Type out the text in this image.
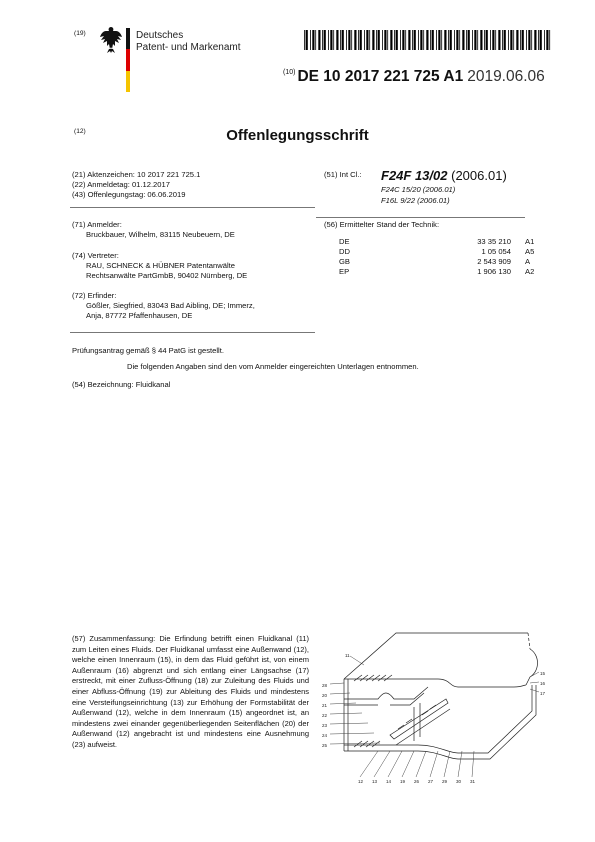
(19)	Deutsches
Patent- und Markenamt
$^{(10)}$ DE 10 2017 221 725 A1 2019.06.06
(12)	Offenlegungsschrift
(21) Aktenzeichen: 10 2017 221 725.1
(22) Anmeldetag: 01.12.2017
(43) Offenlegungstag: 06.06.2019
(51) Int Cl.: F24F 13/02 (2006.01)
F24C 15/20 (2006.01)
F16L 9/22 (2006.01)
(71) Anmelder:
Bruckbauer, Wilhelm, 83115 Neubeuern, DE
(74) Vertreter:
RAU, SCHNECK & HÜBNER Patentanwälte
Rechtsanwälte PartGmbB, 90402 Nürnberg, DE
(72) Erfinder:
Gößler, Siegfried, 83043 Bad Aibling, DE; Immerz,
Anja, 87772 Pfaffenhausen, DE
(56) Ermittelter Stand der Technik:
DE	33 35 210	A1
DD	1 05 054	A5
GB	2 543 909	A
EP	1 906 130	A2
Prüfungsantrag gemäß § 44 PatG ist gestellt.
Die folgenden Angaben sind den vom Anmelder eingereichten Unterlagen entnommen.
(54) Bezeichnung: Fluidkanal
(57) Zusammenfassung: Die Erfindung betrifft einen Fluidkanal (11) zum Leiten eines Fluids. Der Fluidkanal umfasst eine Außenwand (12), welche einen Innenraum (15), in dem das Fluid geführt ist, von einem Außenraum (16) abgrenzt und sich entlang einer Längsachse (17) erstreckt, mit einer Zufluss-Öffnung (18) zur Zuleitung des Fluids und einer Abfluss-Öffnung (19) zur Ableitung des Fluids und mindestens eine Versteifungseinrichtung (13) zur Erhöhung der Formstabilität der Außenwand (12), welche in dem Innenraum (15) angeordnet ist, an mindestens zwei einander gegenüberliegenden Seitenflächen (20) der Außenwand (12) angebracht ist und mindestens eine Ausnehmung (23) aufweist.
11
28
20
21
22
23
24
25
15
16
17
12 13 14 19 26 27 29 30 31
